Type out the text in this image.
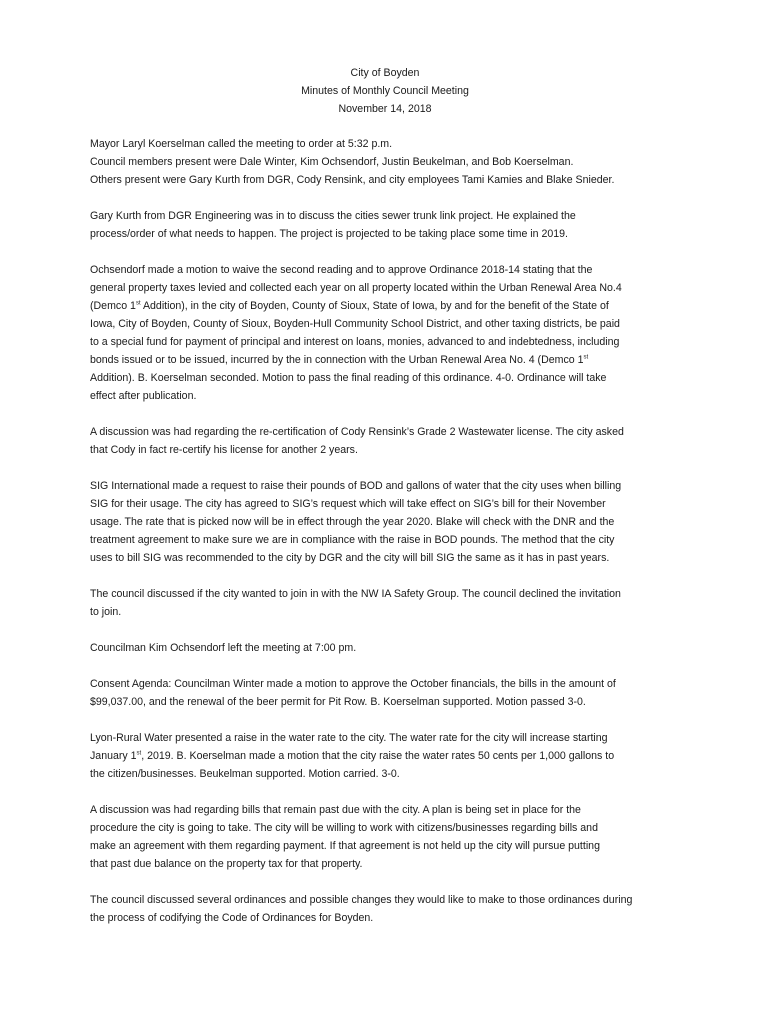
City of Boyden
Minutes of Monthly Council Meeting
November 14, 2018
Mayor Laryl Koerselman called the meeting to order at 5:32 p.m.
Council members present were Dale Winter, Kim Ochsendorf, Justin Beukelman, and Bob Koerselman.
Others present were Gary Kurth from DGR, Cody Rensink, and city employees Tami Kamies and Blake Snieder.
Gary Kurth from DGR Engineering was in to discuss the cities sewer trunk link project. He explained the
process/order of what needs to happen. The project is projected to be taking place some time in 2019.
Ochsendorf made a motion to waive the second reading and to approve Ordinance 2018-14 stating that the
general property taxes levied and collected each year on all property located within the Urban Renewal Area No.4
(Demco 1st Addition), in the city of Boyden, County of Sioux, State of Iowa, by and for the benefit of the State of
Iowa, City of Boyden, County of Sioux, Boyden-Hull Community School District, and other taxing districts, be paid
to a special fund for payment of principal and interest on loans, monies, advanced to and indebtedness, including
bonds issued or to be issued, incurred by the in connection with the Urban Renewal Area No. 4 (Demco 1st
Addition). B. Koerselman seconded. Motion to pass the final reading of this ordinance. 4-0. Ordinance will take
effect after publication.
A discussion was had regarding the re-certification of Cody Rensink’s Grade 2 Wastewater license. The city asked
that Cody in fact re-certify his license for another 2 years.
SIG International made a request to raise their pounds of BOD and gallons of water that the city uses when billing
SIG for their usage. The city has agreed to SIG’s request which will take effect on SIG’s bill for their November
usage. The rate that is picked now will be in effect through the year 2020. Blake will check with the DNR and the
treatment agreement to make sure we are in compliance with the raise in BOD pounds. The method that the city
uses to bill SIG was recommended to the city by DGR and the city will bill SIG the same as it has in past years.
The council discussed if the city wanted to join in with the NW IA Safety Group. The council declined the invitation
to join.
Councilman Kim Ochsendorf left the meeting at 7:00 pm.
Consent Agenda: Councilman Winter made a motion to approve the October financials, the bills in the amount of
$99,037.00, and the renewal of the beer permit for Pit Row. B. Koerselman supported. Motion passed 3-0.
Lyon-Rural Water presented a raise in the water rate to the city. The water rate for the city will increase starting
January 1st, 2019. B. Koerselman made a motion that the city raise the water rates 50 cents per 1,000 gallons to
the citizen/businesses. Beukelman supported. Motion carried. 3-0.
A discussion was had regarding bills that remain past due with the city. A plan is being set in place for the
procedure the city is going to take. The city will be willing to work with citizens/businesses regarding bills and
make an agreement with them regarding payment. If that agreement is not held up the city will pursue putting
that past due balance on the property tax for that property.
The council discussed several ordinances and possible changes they would like to make to those ordinances during
the process of codifying the Code of Ordinances for Boyden.
